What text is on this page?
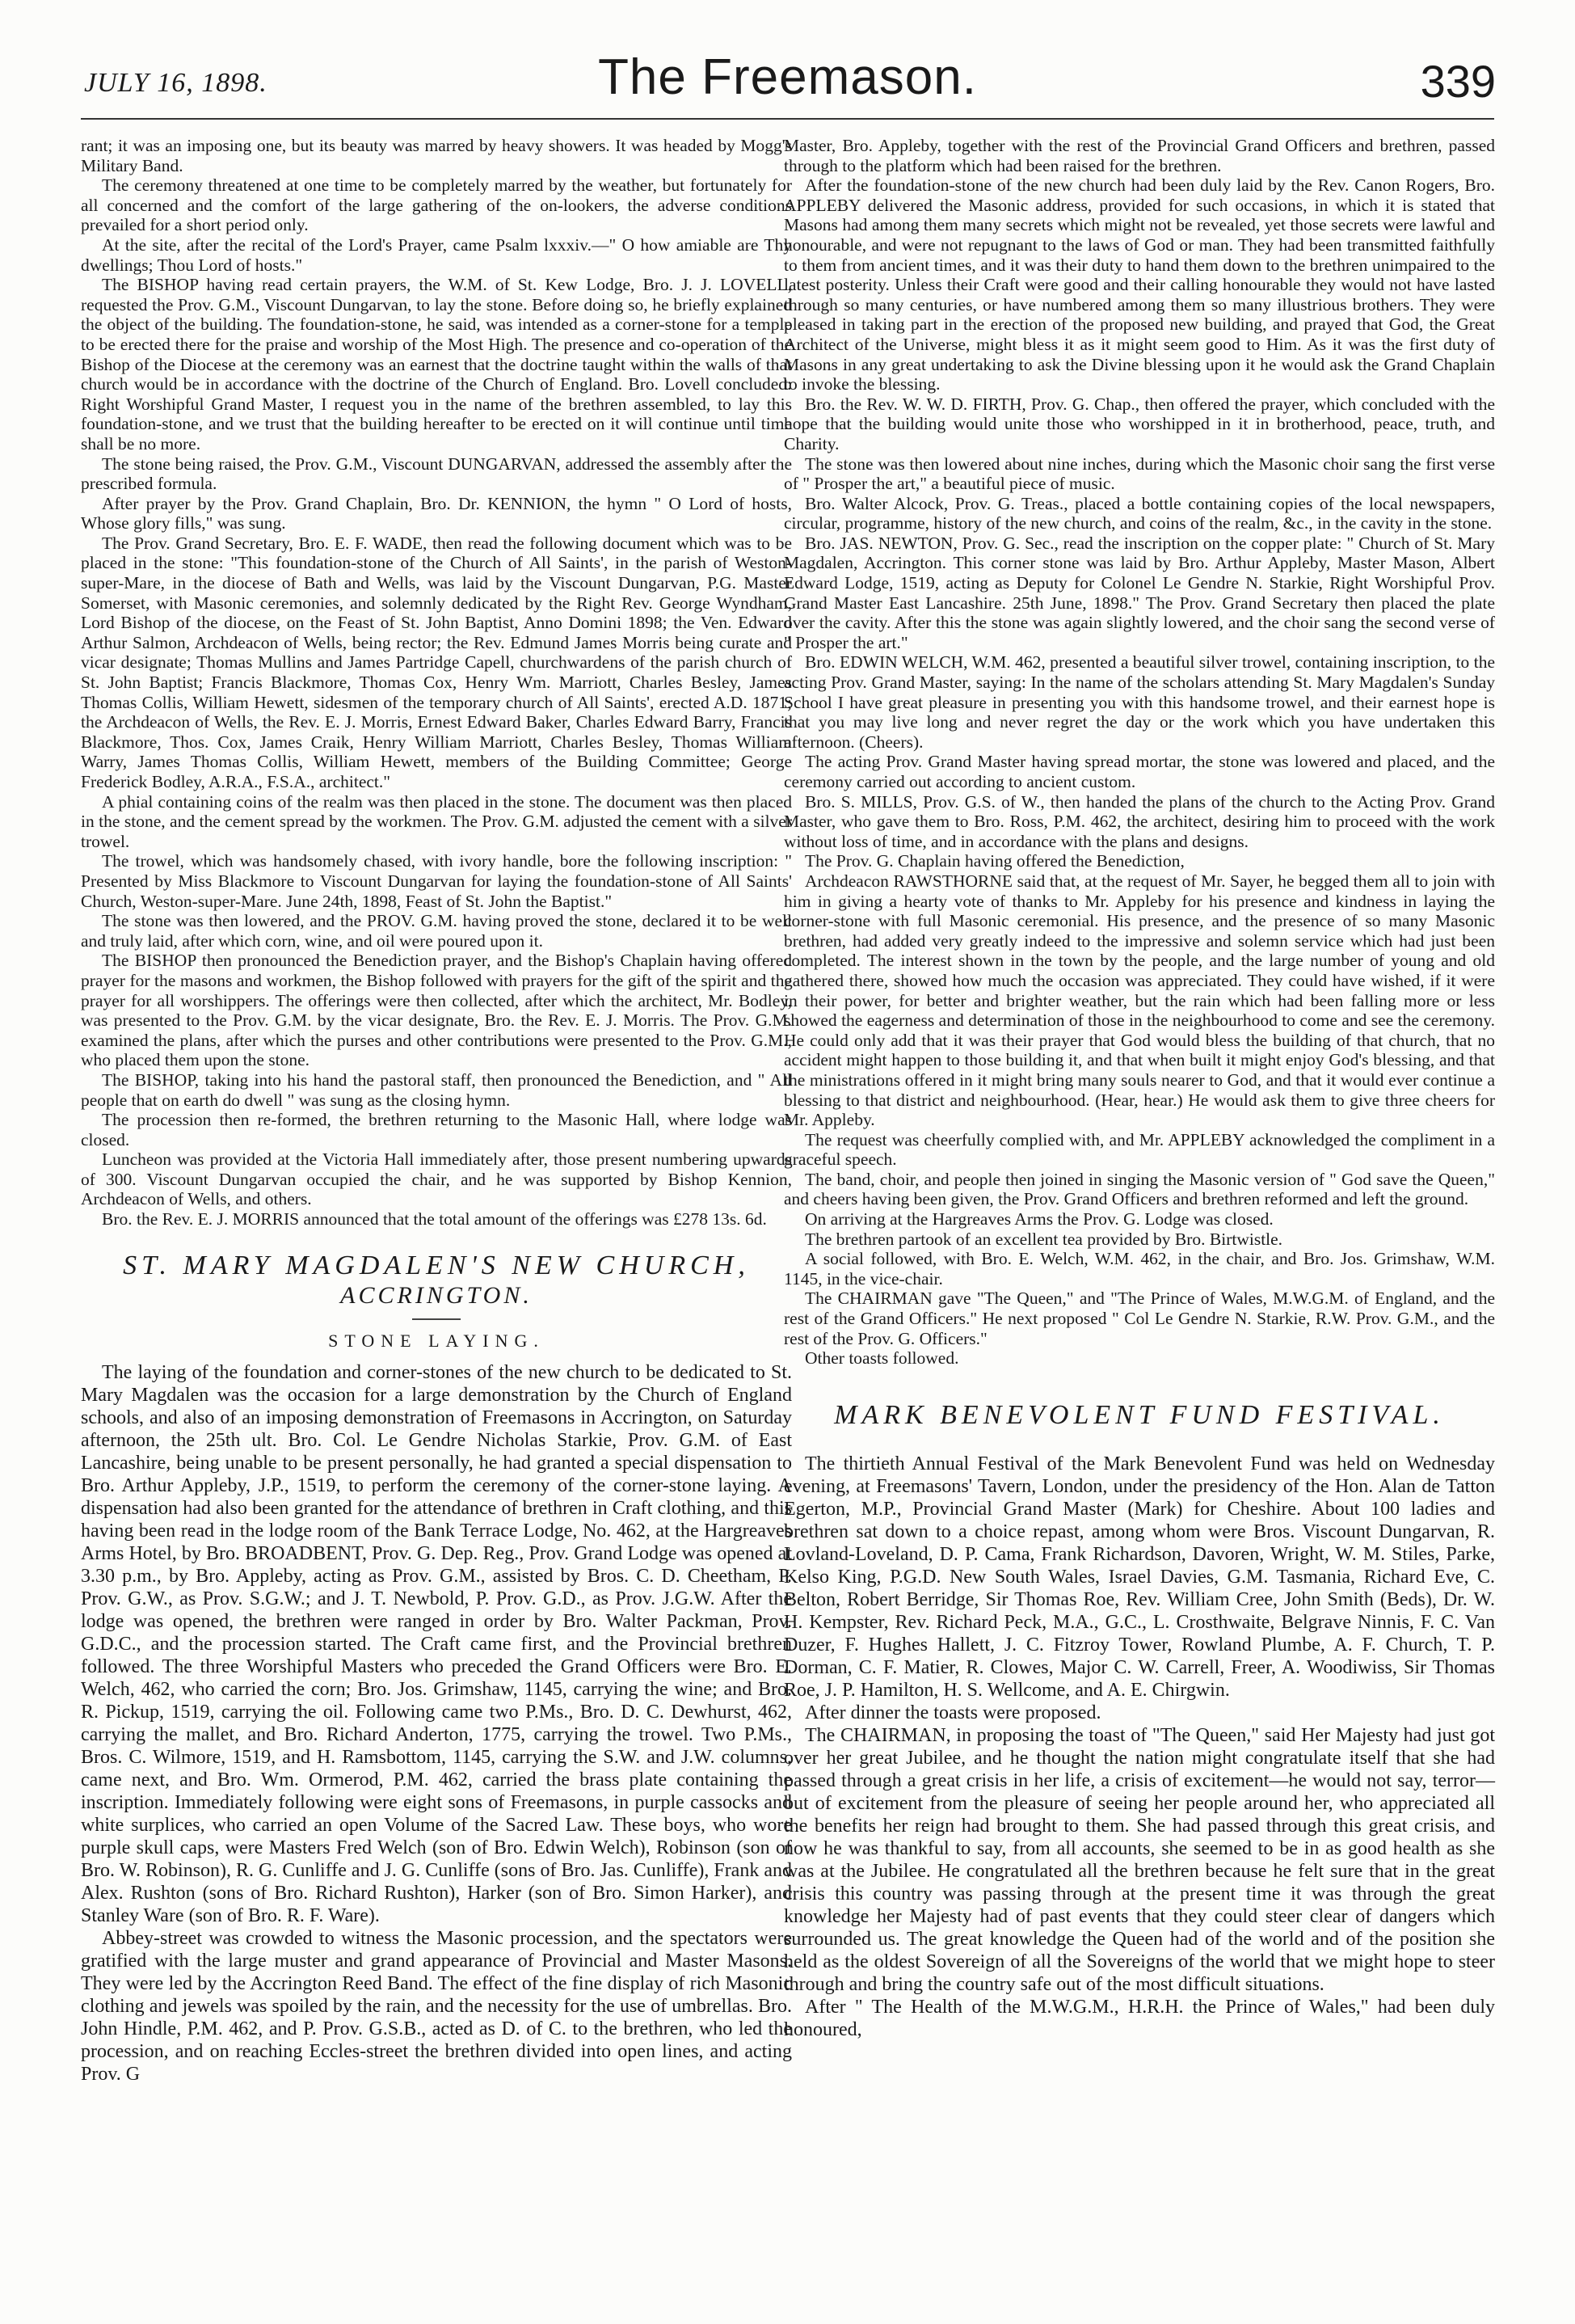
JULY 16, 1898.	The Freemason.	339

rant; it was an imposing one, but its beauty was marred by heavy showers. It was headed by Mogg's Military Band.

The ceremony threatened at one time to be completely marred by the weather, but fortunately for all concerned and the comfort of the large gathering of the on-lookers, the adverse conditions prevailed for a short period only.

At the site, after the recital of the Lord's Prayer, came Psalm lxxxiv.—" O how amiable are Thy dwellings; Thou Lord of hosts."

The BISHOP having read certain prayers, the W.M. of St. Kew Lodge, Bro. J. J. LOVELL, requested the Prov. G.M., Viscount Dungarvan, to lay the stone. Before doing so, he briefly explained the object of the building. The foundation-stone, he said, was intended as a corner-stone for a temple to be erected there for the praise and worship of the Most High. The presence and co-operation of the Bishop of the Diocese at the ceremony was an earnest that the doctrine taught within the walls of that church would be in accordance with the doctrine of the Church of England. Bro. Lovell concluded: Right Worshipful Grand Master, I request you in the name of the brethren assembled, to lay this foundation-stone, and we trust that the building hereafter to be erected on it will continue until time shall be no more.

The stone being raised, the Prov. G.M., Viscount DUNGARVAN, addressed the assembly after the prescribed formula.

After prayer by the Prov. Grand Chaplain, Bro. Dr. KENNION, the hymn " O Lord of hosts, Whose glory fills," was sung.

The Prov. Grand Secretary, Bro. E. F. WADE, then read the following document which was to be placed in the stone: "This foundation-stone of the Church of All Saints', in the parish of Weston-super-Mare, in the diocese of Bath and Wells, was laid by the Viscount Dungarvan, P.G. Master Somerset, with Masonic ceremonies, and solemnly dedicated by the Right Rev. George Wyndham, Lord Bishop of the diocese, on the Feast of St. John Baptist, Anno Domini 1898; the Ven. Edward Arthur Salmon, Archdeacon of Wells, being rector; the Rev. Edmund James Morris being curate and vicar designate; Thomas Mullins and James Partridge Capell, churchwardens of the parish church of St. John Baptist; Francis Blackmore, Thomas Cox, Henry Wm. Marriott, Charles Besley, James Thomas Collis, William Hewett, sidesmen of the temporary church of All Saints', erected A.D. 1871; the Archdeacon of Wells, the Rev. E. J. Morris, Ernest Edward Baker, Charles Edward Barry, Francis Blackmore, Thos. Cox, James Craik, Henry William Marriott, Charles Besley, Thomas William Warry, James Thomas Collis, William Hewett, members of the Building Committee; George Frederick Bodley, A.R.A., F.S.A., architect."

A phial containing coins of the realm was then placed in the stone. The document was then placed in the stone, and the cement spread by the workmen. The Prov. G.M. adjusted the cement with a silver trowel.

The trowel, which was handsomely chased, with ivory handle, bore the following inscription: " Presented by Miss Blackmore to Viscount Dungarvan for laying the foundation-stone of All Saints' Church, Weston-super-Mare. June 24th, 1898, Feast of St. John the Baptist."

The stone was then lowered, and the PROV. G.M. having proved the stone, declared it to be well and truly laid, after which corn, wine, and oil were poured upon it.

The BISHOP then pronounced the Benediction prayer, and the Bishop's Chaplain having offered prayer for the masons and workmen, the Bishop followed with prayers for the gift of the spirit and the prayer for all worshippers. The offerings were then collected, after which the architect, Mr. Bodley, was presented to the Prov. G.M. by the vicar designate, Bro. the Rev. E. J. Morris. The Prov. G.M. examined the plans, after which the purses and other contributions were presented to the Prov. G.M., who placed them upon the stone.

The BISHOP, taking into his hand the pastoral staff, then pronounced the Benediction, and " All people that on earth do dwell " was sung as the closing hymn.

The procession then re-formed, the brethren returning to the Masonic Hall, where lodge was closed.

Luncheon was provided at the Victoria Hall immediately after, those present numbering upwards of 300. Viscount Dungarvan occupied the chair, and he was supported by Bishop Kennion, Archdeacon of Wells, and others.

Bro. the Rev. E. J. MORRIS announced that the total amount of the offerings was £278 13s. 6d.

ST. MARY MAGDALEN'S NEW CHURCH,
ACCRINGTON.
STONE LAYING.

The laying of the foundation and corner-stones of the new church to be dedicated to St. Mary Magdalen was the occasion for a large demonstration by the Church of England schools, and also of an imposing demonstration of Freemasons in Accrington, on Saturday afternoon, the 25th ult. Bro. Col. Le Gendre Nicholas Starkie, Prov. G.M. of East Lancashire, being unable to be present personally, he had granted a special dispensation to Bro. Arthur Appleby, J.P., 1519, to perform the ceremony of the corner-stone laying. A dispensation had also been granted for the attendance of brethren in Craft clothing, and this having been read in the lodge room of the Bank Terrace Lodge, No. 462, at the Hargreaves Arms Hotel, by Bro. BROADBENT, Prov. G. Dep. Reg., Prov. Grand Lodge was opened at 3.30 p.m., by Bro. Appleby, acting as Prov. G.M., assisted by Bros. C. D. Cheetham, P. Prov. G.W., as Prov. S.G.W.; and J. T. Newbold, P. Prov. G.D., as Prov. J.G.W. After the lodge was opened, the brethren were ranged in order by Bro. Walter Packman, Prov. G.D.C., and the procession started. The Craft came first, and the Provincial brethren followed. The three Worshipful Masters who preceded the Grand Officers were Bro. E. Welch, 462, who carried the corn; Bro. Jos. Grimshaw, 1145, carrying the wine; and Bro. R. Pickup, 1519, carrying the oil. Following came two P.Ms., Bro. D. C. Dewhurst, 462, carrying the mallet, and Bro. Richard Anderton, 1775, carrying the trowel. Two P.Ms., Bros. C. Wilmore, 1519, and H. Ramsbottom, 1145, carrying the S.W. and J.W. columns, came next, and Bro. Wm. Ormerod, P.M. 462, carried the brass plate containing the inscription. Immediately following were eight sons of Freemasons, in purple cassocks and white surplices, who carried an open Volume of the Sacred Law. These boys, who wore purple skull caps, were Masters Fred Welch (son of Bro. Edwin Welch), Robinson (son of Bro. W. Robinson), R. G. Cunliffe and J. G. Cunliffe (sons of Bro. Jas. Cunliffe), Frank and Alex. Rushton (sons of Bro. Richard Rushton), Harker (son of Bro. Simon Harker), and Stanley Ware (son of Bro. R. F. Ware).

Abbey-street was crowded to witness the Masonic procession, and the spectators were gratified with the large muster and grand appearance of Provincial and Master Masons. They were led by the Accrington Reed Band. The effect of the fine display of rich Masonic clothing and jewels was spoiled by the rain, and the necessity for the use of umbrellas. Bro. John Hindle, P.M. 462, and P. Prov. G.S.B., acted as D. of C. to the brethren, who led the procession, and on reaching Eccles-street the brethren divided into open lines, and acting Prov. G

Master, Bro. Appleby, together with the rest of the Provincial Grand Officers and brethren, passed through to the platform which had been raised for the brethren.

After the foundation-stone of the new church had been duly laid by the Rev. Canon Rogers, Bro. APPLEBY delivered the Masonic address, provided for such occasions, in which it is stated that Masons had among them many secrets which might not be revealed, yet those secrets were lawful and honourable, and were not repugnant to the laws of God or man. They had been transmitted faithfully to them from ancient times, and it was their duty to hand them down to the brethren unimpaired to the latest posterity. Unless their Craft were good and their calling honourable they would not have lasted through so many centuries, or have numbered among them so many illustrious brothers. They were pleased in taking part in the erection of the proposed new building, and prayed that God, the Great Architect of the Universe, might bless it as it might seem good to Him. As it was the first duty of Masons in any great undertaking to ask the Divine blessing upon it he would ask the Grand Chaplain to invoke the blessing.

Bro. the Rev. W. W. D. FIRTH, Prov. G. Chap., then offered the prayer, which concluded with the hope that the building would unite those who worshipped in it in brotherhood, peace, truth, and Charity.

The stone was then lowered about nine inches, during which the Masonic choir sang the first verse of " Prosper the art," a beautiful piece of music.

Bro. Walter Alcock, Prov. G. Treas., placed a bottle containing copies of the local newspapers, circular, programme, history of the new church, and coins of the realm, &c., in the cavity in the stone.

Bro. JAS. NEWTON, Prov. G. Sec., read the inscription on the copper plate: " Church of St. Mary Magdalen, Accrington. This corner stone was laid by Bro. Arthur Appleby, Master Mason, Albert Edward Lodge, 1519, acting as Deputy for Colonel Le Gendre N. Starkie, Right Worshipful Prov. Grand Master East Lancashire. 25th June, 1898." The Prov. Grand Secretary then placed the plate over the cavity. After this the stone was again slightly lowered, and the choir sang the second verse of " Prosper the art."

Bro. EDWIN WELCH, W.M. 462, presented a beautiful silver trowel, containing inscription, to the acting Prov. Grand Master, saying: In the name of the scholars attending St. Mary Magdalen's Sunday School I have great pleasure in presenting you with this handsome trowel, and their earnest hope is that you may live long and never regret the day or the work which you have undertaken this afternoon. (Cheers).

The acting Prov. Grand Master having spread mortar, the stone was lowered and placed, and the ceremony carried out according to ancient custom.

Bro. S. MILLS, Prov. G.S. of W., then handed the plans of the church to the Acting Prov. Grand Master, who gave them to Bro. Ross, P.M. 462, the architect, desiring him to proceed with the work without loss of time, and in accordance with the plans and designs.

The Prov. G. Chaplain having offered the Benediction,

Archdeacon RAWSTHORNE said that, at the request of Mr. Sayer, he begged them all to join with him in giving a hearty vote of thanks to Mr. Appleby for his presence and kindness in laying the corner-stone with full Masonic ceremonial. His presence, and the presence of so many Masonic brethren, had added very greatly indeed to the impressive and solemn service which had just been completed. The interest shown in the town by the people, and the large number of young and old gathered there, showed how much the occasion was appreciated. They could have wished, if it were in their power, for better and brighter weather, but the rain which had been falling more or less showed the eagerness and determination of those in the neighbourhood to come and see the ceremony. He could only add that it was their prayer that God would bless the building of that church, that no accident might happen to those building it, and that when built it might enjoy God's blessing, and that the ministrations offered in it might bring many souls nearer to God, and that it would ever continue a blessing to that district and neighbourhood. (Hear, hear.) He would ask them to give three cheers for Mr. Appleby.

The request was cheerfully complied with, and Mr. APPLEBY acknowledged the compliment in a graceful speech.

The band, choir, and people then joined in singing the Masonic version of " God save the Queen," and cheers having been given, the Prov. Grand Officers and brethren reformed and left the ground.

On arriving at the Hargreaves Arms the Prov. G. Lodge was closed.

The brethren partook of an excellent tea provided by Bro. Birtwistle.

A social followed, with Bro. E. Welch, W.M. 462, in the chair, and Bro. Jos. Grimshaw, W.M. 1145, in the vice-chair.

The CHAIRMAN gave "The Queen," and "The Prince of Wales, M.W.G.M. of England, and the rest of the Grand Officers." He next proposed " Col Le Gendre N. Starkie, R.W. Prov. G.M., and the rest of the Prov. G. Officers."

Other toasts followed.

MARK BENEVOLENT FUND FESTIVAL.

The thirtieth Annual Festival of the Mark Benevolent Fund was held on Wednesday evening, at Freemasons' Tavern, London, under the presidency of the Hon. Alan de Tatton Egerton, M.P., Provincial Grand Master (Mark) for Cheshire. About 100 ladies and brethren sat down to a choice repast, among whom were Bros. Viscount Dungarvan, R. Lovland-Loveland, D. P. Cama, Frank Richardson, Davoren, Wright, W. M. Stiles, Parke, Kelso King, P.G.D. New South Wales, Israel Davies, G.M. Tasmania, Richard Eve, C. Belton, Robert Berridge, Sir Thomas Roe, Rev. William Cree, John Smith (Beds), Dr. W. H. Kempster, Rev. Richard Peck, M.A., G.C., L. Crosthwaite, Belgrave Ninnis, F. C. Van Duzer, F. Hughes Hallett, J. C. Fitzroy Tower, Rowland Plumbe, A. F. Church, T. P. Dorman, C. F. Matier, R. Clowes, Major C. W. Carrell, Freer, A. Woodiwiss, Sir Thomas Roe, J. P. Hamilton, H. S. Wellcome, and A. E. Chirgwin.

After dinner the toasts were proposed.

The CHAIRMAN, in proposing the toast of "The Queen," said Her Majesty had just got over her great Jubilee, and he thought the nation might congratulate itself that she had passed through a great crisis in her life, a crisis of excitement—he would not say, terror—but of excitement from the pleasure of seeing her people around her, who appreciated all the benefits her reign had brought to them. She had passed through this great crisis, and now he was thankful to say, from all accounts, she seemed to be in as good health as she was at the Jubilee. He congratulated all the brethren because he felt sure that in the great crisis this country was passing through at the present time it was through the great knowledge her Majesty had of past events that they could steer clear of dangers which surrounded us. The great knowledge the Queen had of the world and of the position she held as the oldest Sovereign of all the Sovereigns of the world that we might hope to steer through and bring the country safe out of the most difficult situations.

After " The Health of the M.W.G.M., H.R.H. the Prince of Wales," had been duly honoured,
